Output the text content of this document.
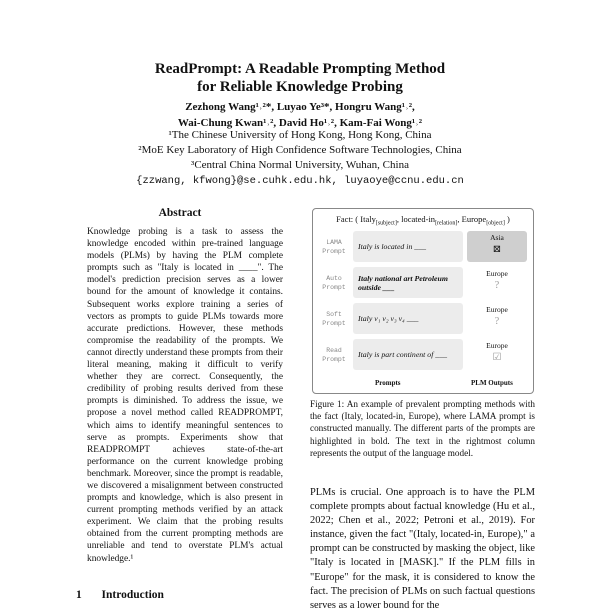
ReadPrompt: A Readable Prompting Method
for Reliable Knowledge Probing
Zezhong Wang¹˒²*, Luyao Ye³*, Hongru Wang¹˒²,
Wai-Chung Kwan¹˒², David Ho¹˒², Kam-Fai Wong¹˒²
¹The Chinese University of Hong Kong, Hong Kong, China
²MoE Key Laboratory of High Confidence Software Technologies, China
³Central China Normal University, Wuhan, China
{zzwang, kfwong}@se.cuhk.edu.hk, luyaoye@ccnu.edu.cn
Abstract

Knowledge probing is a task to assess the knowledge encoded within pre-trained language models (PLMs) by having the PLM complete prompts such as "Italy is located in ____". The model's prediction precision serves as a lower bound for the amount of knowledge it contains. Subsequent works explore training a series of vectors as prompts to guide PLMs towards more accurate predictions. However, these methods compromise the readability of the prompts. We cannot directly understand these prompts from their literal meaning, making it difficult to verify whether they are correct. Consequently, the credibility of probing results derived from these prompts is diminished. To address the issue, we propose a novel method called READPROMPT, which aims to identify meaningful sentences to serve as prompts. Experiments show that READPROMPT achieves state-of-the-art performance on the current knowledge probing benchmark. Moreover, since the prompt is readable, we discovered a misalignment between constructed prompts and knowledge, which is also present in current prompting methods verified by an attack experiment. We claim that the probing results obtained from the current prompting methods are unreliable and tend to overstate PLM's actual knowledge.¹

1 Introduction
Fact: ( Italy$_{[subject]}$, located-$in_{[relation]}$, Europe$_{[object]}$ )
LAMA
Prompt	Italy is located in ___
Asia
⊠
Auto
Prompt
Italy national art Petroleum outside ___
Europe
?
Soft
Prompt	Italy v₁ v₂ v₃ v₄ ___
Europe
?
Read
Prompt	Italy is part continent of ___
Europe
☑
Prompts	PLM Outputs
Figure 1: An example of prevalent prompting methods with the fact (Italy, located-in, Europe), where LAMA prompt is constructed manually. The different parts of the prompts are highlighted in bold. The text in the rightmost column represents the output of the language model.

PLMs is crucial. One approach is to have the PLM complete prompts about factual knowledge (Hu et al., 2022; Chen et al., 2022; Petroni et al., 2019). For instance, given the fact "(Italy, located-in, Europe)," a prompt can be constructed by masking the object, like "Italy is located in [MASK]." If the PLM fills in "Europe" for the mask, it is considered to know the fact. The precision of PLMs on such factual questions serves as a lower bound for the
